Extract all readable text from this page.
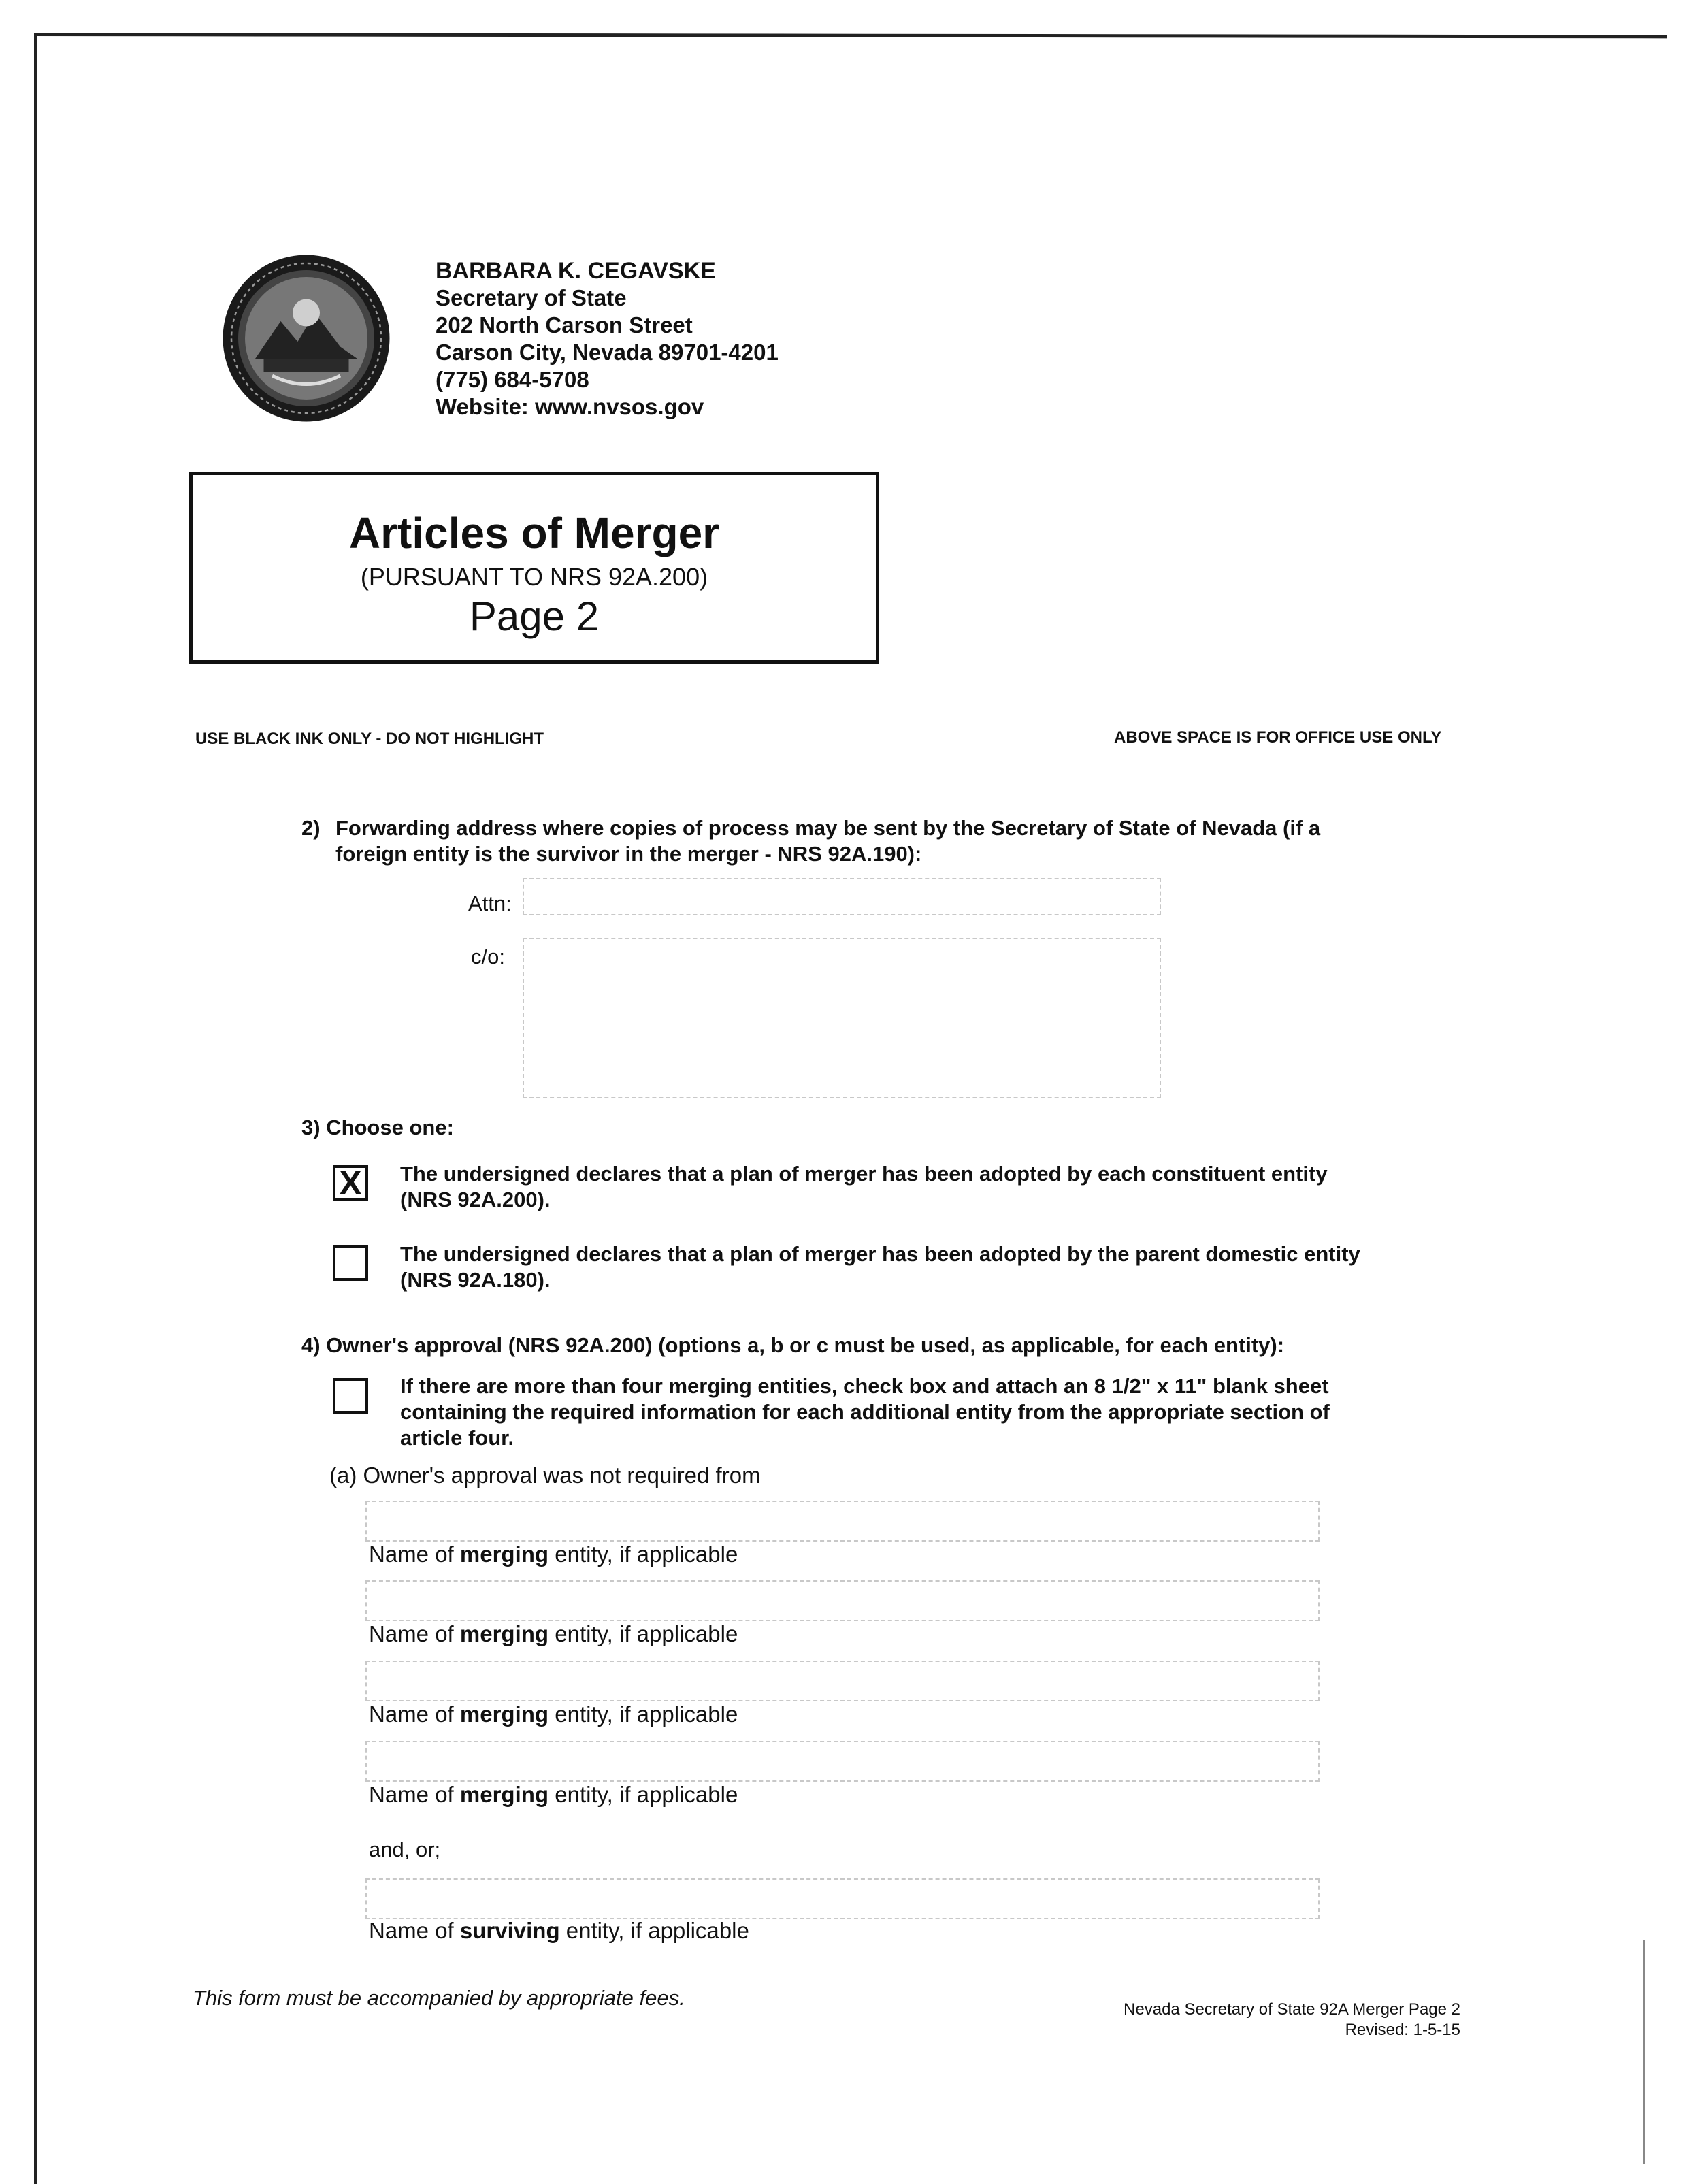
BARBARA K. CEGAVSKE
Secretary of State
202 North Carson Street
Carson City, Nevada 89701-4201
(775) 684-5708
Website: www.nvsos.gov
Articles of Merger
(PURSUANT TO NRS 92A.200)
Page 2
USE BLACK INK ONLY - DO NOT HIGHLIGHT	ABOVE SPACE IS FOR OFFICE USE ONLY
2) Forwarding address where copies of process may be sent by the Secretary of State of Nevada (if a foreign entity is the survivor in the merger - NRS 92A.190):
Attn:
c/o:
3) Choose one:
X	The undersigned declares that a plan of merger has been adopted by each constituent entity (NRS 92A.200).
The undersigned declares that a plan of merger has been adopted by the parent domestic entity (NRS 92A.180).
4) Owner's approval (NRS 92A.200) (options a, b or c must be used, as applicable, for each entity):
If there are more than four merging entities, check box and attach an 8 1/2" x 11" blank sheet containing the required information for each additional entity from the appropriate section of article four.
(a) Owner's approval was not required from
Name of merging entity, if applicable
Name of merging entity, if applicable
Name of merging entity, if applicable
Name of merging entity, if applicable
and, or;
Name of surviving entity, if applicable
This form must be accompanied by appropriate fees.	Nevada Secretary of State 92A Merger Page 2
Revised: 1-5-15
